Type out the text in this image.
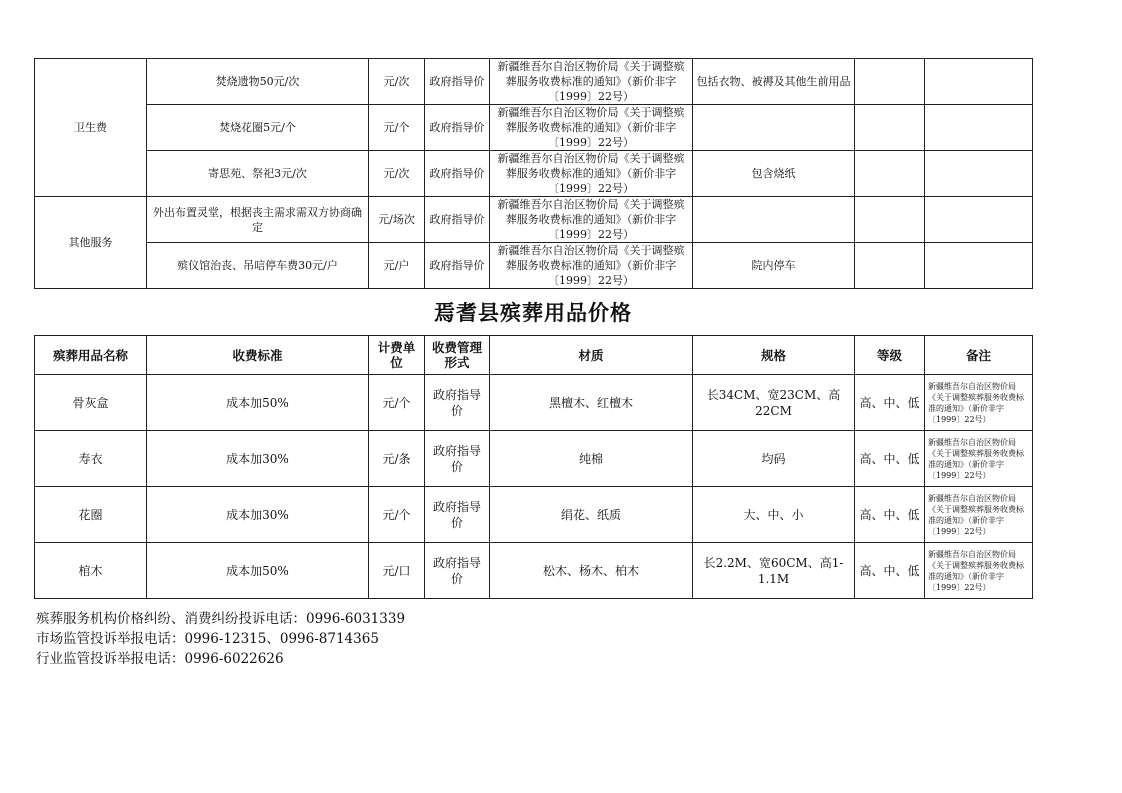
卫生费	焚烧遗物50元/次	元/次	政府指导价	新疆维吾尔自治区物价局《关于调整殡葬服务收费标准的通知》（新价非字〔1999〕22号）	包括衣物、被褥及其他生前用品		
	焚烧花圈5元/个	元/个	政府指导价	新疆维吾尔自治区物价局《关于调整殡葬服务收费标准的通知》（新价非字〔1999〕22号）			
	寄思苑、祭祀3元/次	元/次	政府指导价	新疆维吾尔自治区物价局《关于调整殡葬服务收费标准的通知》（新价非字〔1999〕22号）	包含烧纸		
其他服务	外出布置灵堂，根据丧主需求需双方协商确定	元/场次	政府指导价	新疆维吾尔自治区物价局《关于调整殡葬服务收费标准的通知》（新价非字〔1999〕22号）			
	殡仪馆治丧、吊唁停车费30元/户	元/户	政府指导价	新疆维吾尔自治区物价局《关于调整殡葬服务收费标准的通知》（新价非字〔1999〕22号）	院内停车		
焉耆县殡葬用品价格
殡葬用品名称	收费标准	计费单位	收费管理形式	材质	规格	等级	备注
骨灰盒	成本加50%	元/个	政府指导价	黑檀木、红檀木	长34CM、宽23CM、高22CM	高、中、低	新疆维吾尔自治区物价局《关于调整殡葬服务收费标准的通知》（新价非字〔1999〕22号）
寿衣	成本加30%	元/条	政府指导价	纯棉	均码	高、中、低	新疆维吾尔自治区物价局《关于调整殡葬服务收费标准的通知》（新价非字〔1999〕22号）
花圈	成本加30%	元/个	政府指导价	绢花、纸质	大、中、小	高、中、低	新疆维吾尔自治区物价局《关于调整殡葬服务收费标准的通知》（新价非字〔1999〕22号）
棺木	成本加50%	元/口	政府指导价	松木、杨木、柏木	长2.2M、宽60CM、高1-1.1M	高、中、低	新疆维吾尔自治区物价局《关于调整殡葬服务收费标准的通知》（新价非字〔1999〕22号）
殡葬服务机构价格纠纷、消费纠纷投诉电话：0996-6031339
市场监管投诉举报电话：0996-12315、0996-8714365
行业监管投诉举报电话：0996-6022626
